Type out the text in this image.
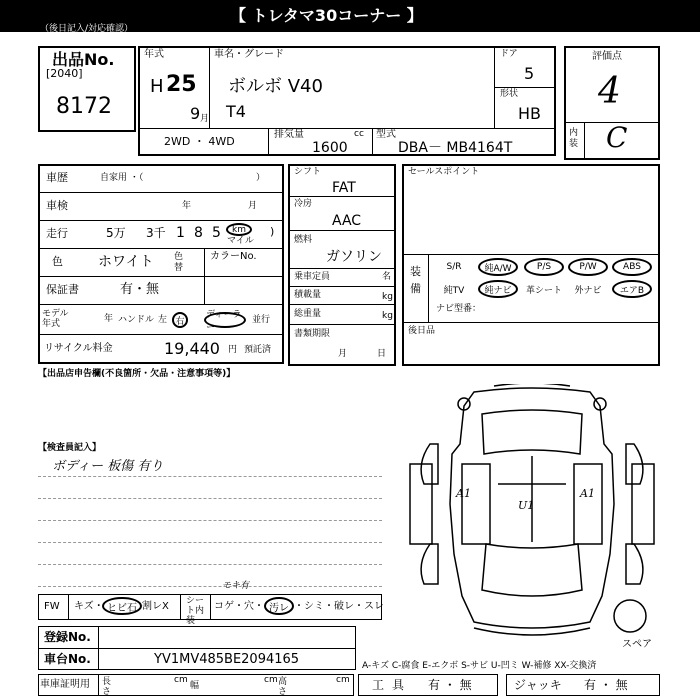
【 トレタマ30コーナー 】
（後日記入/対応確認）
出品No.
[2040]
8172
年式
H 25
9 月
車名・グレード
ボルボ V40
T4
ドア
5
形状
HB
2WD ・ 4WD
排気量	cc
1600
型式
DBA－ MB4164T
評価点
4
内装 C
車歴	自家用 ・（	）
車検	年	月
走行	5万 3千 1 8 5 km
マイル
)
色	ホワイト 色替
カラーNo.
保証書	有・無
モデル年式	年 ハンドル 左 右
ディーラー
並行
リサイクル料金	19,440 円 預託済
シフト
FAT
冷房
AAC
燃料
ガソリン
乗車定員	名
積載量	kg
総重量	kg
書類期限
月日
セールスポイント
装備
S/R	純A/W	P/S	P/W	ABS
純TV	純ナビ	革シート	外ナビ	エアB
ナビ型番：
後日品
【出品店申告欄(不良箇所・欠品・注意事項等)】
【検査員記入】
ボディー 板傷 有り
A1
U1
A1
スペア
FW キズ・ ヒビ石 割レX シート内装
コゲ・穴・ 汚レ ・シミ・破レ・スレ
モキ有
登録No.
車台No.	YV1MV485BE2094165	A-キズ C-腐食 E-エクボ S-サビ U-凹ミ W-補修 XX-交換済
車庫証明用 長さ
cm
幅
cm 高さ
cm 工具 有 ・ 無	ジャッキ 有 ・ 無
